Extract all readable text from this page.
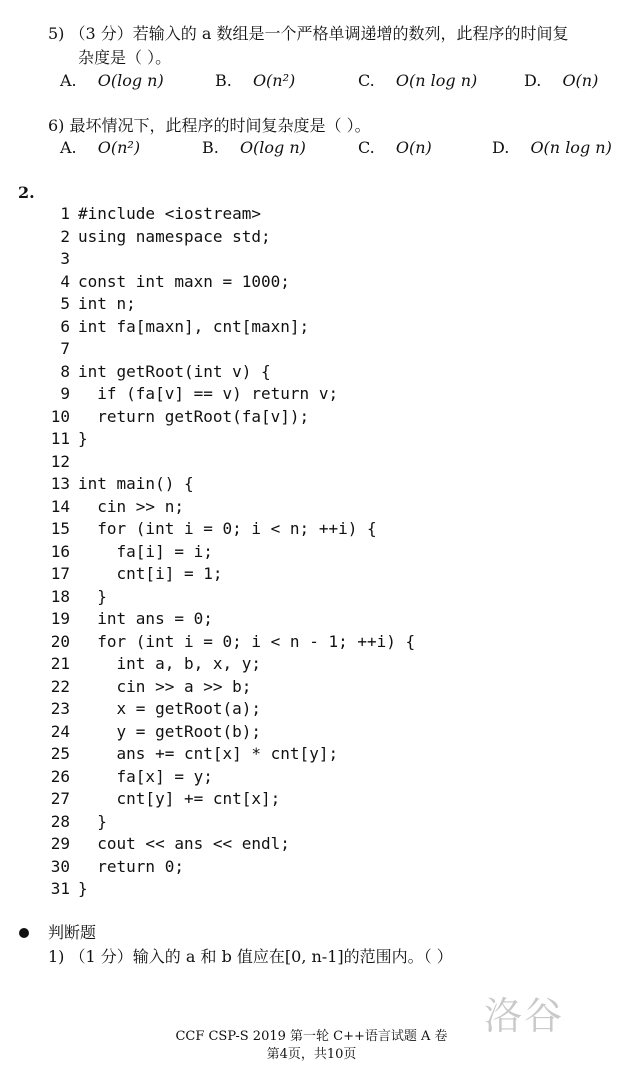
5) （3 分）若输入的 a 数组是一个严格单调递增的数列，此程序的时间复
杂度是（ ）。
A. O(log n)	B. O(n²)	C. O(n log n)	D. O(n)
6) 最坏情况下，此程序的时间复杂度是（ ）。
A. O(n²)	B. O(log n)	C. O(n)	D. O(n log n)
2.
1 #include <iostream>
2 using namespace std;
3
4 const int maxn = 1000;
5 int n;
6 int fa[maxn], cnt[maxn];
7
8 int getRoot(int v) {
9  if (fa[v] == v) return v;
10  return getRoot(fa[v]);
11 }
12
13 int main() {
14  cin >> n;
15  for (int i = 0; i < n; ++i) {
16    fa[i] = i;
17    cnt[i] = 1;
18  }
19  int ans = 0;
20  for (int i = 0; i < n - 1; ++i) {
21    int a, b, x, y;
22    cin >> a >> b;
23    x = getRoot(a);
24    y = getRoot(b);
25    ans += cnt[x] * cnt[y];
26    fa[x] = y;
27    cnt[y] += cnt[x];
28  }
29  cout << ans << endl;
30  return 0;
31 }
判断题
1) （1 分）输入的 a 和 b 值应在[0, n-1]的范围内。（ ）
洛谷
CCF CSP-S 2019 第一轮 C++语言试题 A 卷
第4页，共10页
